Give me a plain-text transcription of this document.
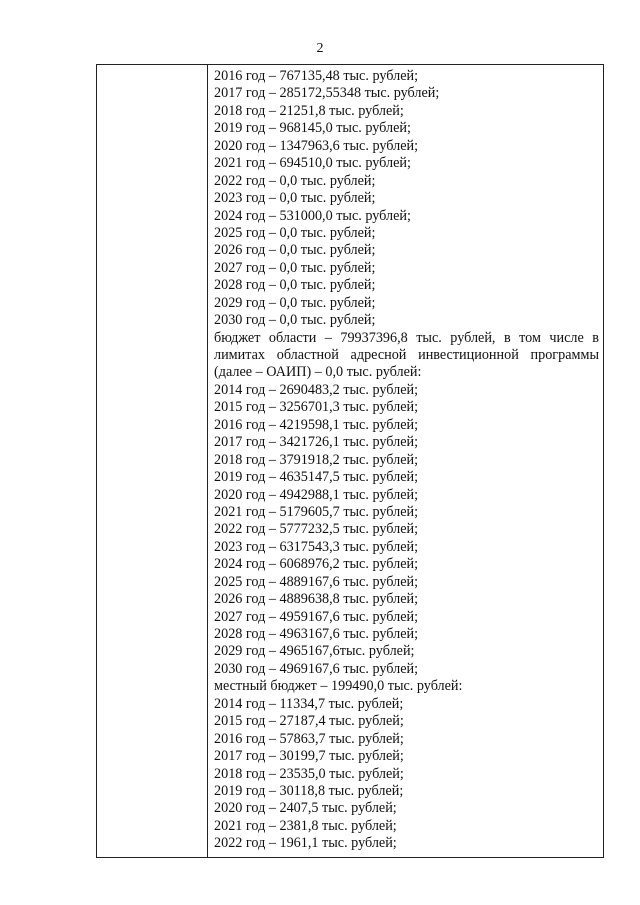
2
2016 год – 767135,48 тыс. рублей;
2017 год – 285172,55348 тыс. рублей;
2018 год – 21251,8 тыс. рублей;
2019 год – 968145,0 тыс. рублей;
2020 год – 1347963,6 тыс. рублей;
2021 год – 694510,0 тыс. рублей;
2022 год – 0,0 тыс. рублей;
2023 год – 0,0 тыс. рублей;
2024 год – 531000,0 тыс. рублей;
2025 год – 0,0 тыс. рублей;
2026 год – 0,0 тыс. рублей;
2027 год – 0,0 тыс. рублей;
2028 год – 0,0 тыс. рублей;
2029 год – 0,0 тыс. рублей;
2030 год – 0,0 тыс. рублей;
бюджет области – 79937396,8 тыс. рублей, в том числе в лимитах областной адресной инвестиционной программы (далее – ОАИП) – 0,0 тыс. рублей:
2014 год – 2690483,2 тыс. рублей;
2015 год – 3256701,3 тыс. рублей;
2016 год – 4219598,1 тыс. рублей;
2017 год – 3421726,1 тыс. рублей;
2018 год – 3791918,2 тыс. рублей;
2019 год – 4635147,5 тыс. рублей;
2020 год – 4942988,1 тыс. рублей;
2021 год – 5179605,7 тыс. рублей;
2022 год – 5777232,5 тыс. рублей;
2023 год – 6317543,3 тыс. рублей;
2024 год – 6068976,2 тыс. рублей;
2025 год – 4889167,6 тыс. рублей;
2026 год – 4889638,8 тыс. рублей;
2027 год – 4959167,6 тыс. рублей;
2028 год – 4963167,6 тыс. рублей;
2029 год – 4965167,6тыс. рублей;
2030 год – 4969167,6 тыс. рублей;
местный бюджет – 199490,0 тыс. рублей:
2014 год – 11334,7 тыс. рублей;
2015 год – 27187,4 тыс. рублей;
2016 год – 57863,7 тыс. рублей;
2017 год – 30199,7 тыс. рублей;
2018 год – 23535,0 тыс. рублей;
2019 год – 30118,8 тыс. рублей;
2020 год – 2407,5 тыс. рублей;
2021 год – 2381,8 тыс. рублей;
2022 год – 1961,1 тыс. рублей;
